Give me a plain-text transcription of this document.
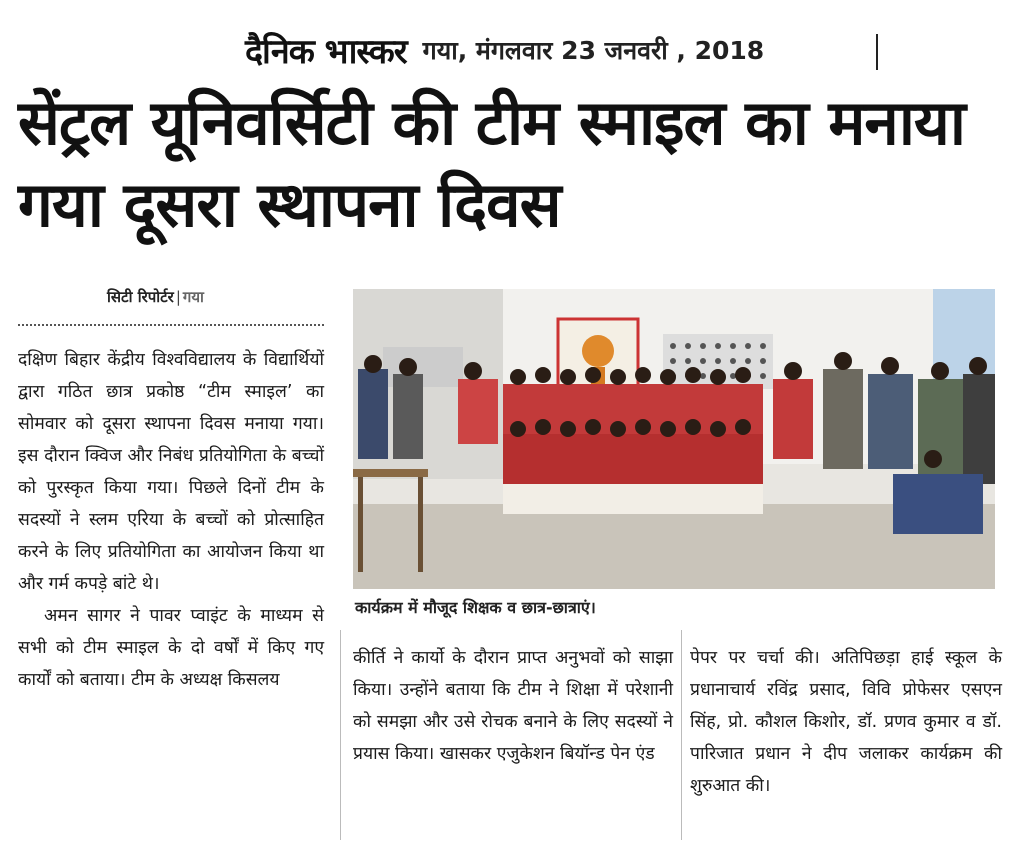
दैनिक भास्कर गया, मंगलवार 23 जनवरी , 2018
सेंट्रल यूनिवर्सिटी की टीम स्माइल का मनाया गया दूसरा स्थापना दिवस
सिटी रिपोर्टर | गया

दक्षिण बिहार केंद्रीय विश्वविद्यालय के विद्यार्थियों द्वारा गठित छात्र प्रकोष्ठ “टीम स्माइल’ का सोमवार को दूसरा स्थापना दिवस मनाया गया। इस दौरान क्विज और निबंध प्रतियोगिता के बच्चों को पुरस्कृत किया गया। पिछले दिनों टीम के सदस्यों ने स्लम एरिया के बच्चों को प्रोत्साहित करने के लिए प्रतियोगिता का आयोजन किया था और गर्म कपड़े बांटे थे।

अमन सागर ने पावर प्वाइंट के माध्यम से सभी को टीम स्माइल के दो वर्षों में किए गए कार्यों को बताया। टीम के अध्यक्ष किसलय

कार्यक्रम में मौजूद शिक्षक व छात्र-छात्राएं।

कीर्ति ने कार्यो के दौरान प्राप्त अनुभवों को साझा किया। उन्होंने बताया कि टीम ने शिक्षा में परेशानी को समझा और उसे रोचक बनाने के लिए सदस्यों ने प्रयास किया। खासकर एजुकेशन बियॉन्ड पेन एंड

पेपर पर चर्चा की। अतिपिछड़ा हाई स्कूल के प्रधानाचार्य रविंद्र प्रसाद, विवि प्रोफेसर एसएन सिंह, प्रो. कौशल किशोर, डॉ. प्रणव कुमार व डॉ. पारिजात प्रधान ने दीप जलाकर कार्यक्रम की शुरुआत की।
